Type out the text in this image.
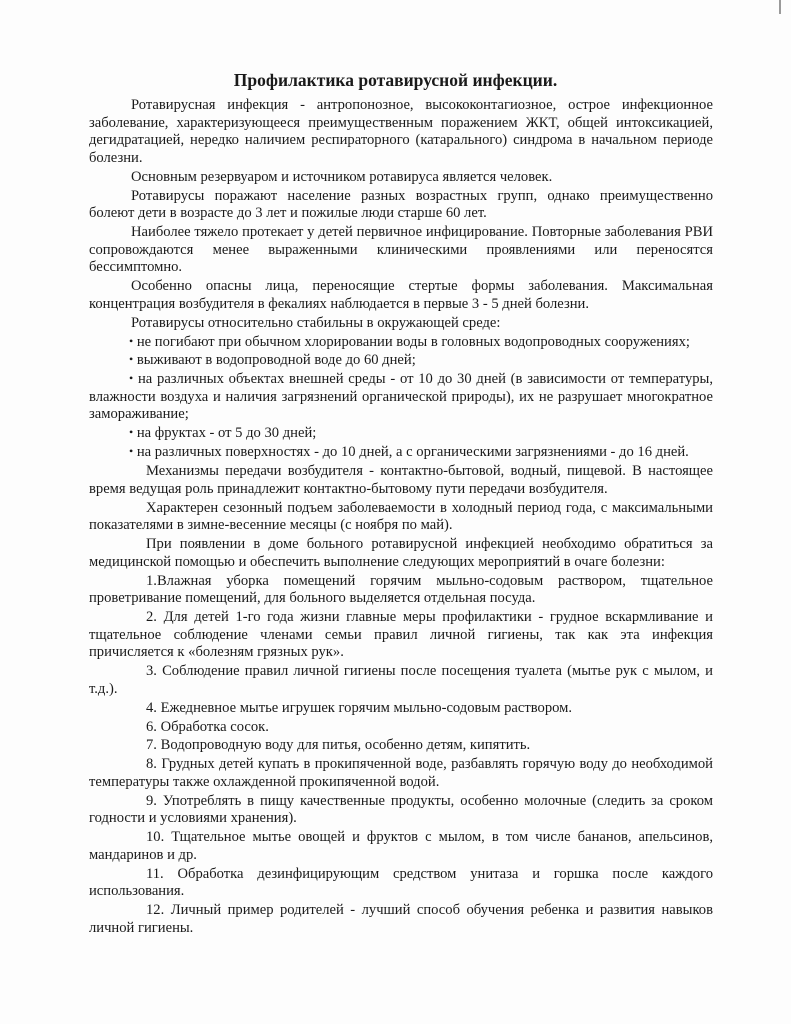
Профилактика ротавирусной инфекции.

Ротавирусная инфекция - антропонозное, высококонтагиозное, острое инфекционное заболевание, характеризующееся преимущественным поражением ЖКТ, общей интоксикацией, дегидратацией, нередко наличием респираторного (катарального) синдрома в начальном периоде болезни.

Основным резервуаром и источником ротавируса является человек.

Ротавирусы поражают население разных возрастных групп, однако преимущественно болеют дети в возрасте до 3 лет и пожилые люди старше 60 лет.

Наиболее тяжело протекает у детей первичное инфицирование. Повторные заболевания РВИ сопровождаются менее выраженными клиническими проявлениями или переносятся бессимптомно.

Особенно опасны лица, переносящие стертые формы заболевания. Максимальная концентрация возбудителя в фекалиях наблюдается в первые 3 - 5 дней болезни.

Ротавирусы относительно стабильны в окружающей среде:

• не погибают при обычном хлорировании воды в головных водопроводных сооружениях;

• выживают в водопроводной воде до 60 дней;

• на различных объектах внешней среды - от 10 до 30 дней (в зависимости от температуры, влажности воздуха и наличия загрязнений органической природы), их не разрушает многократное замораживание;

• на фруктах - от 5 до 30 дней;

• на различных поверхностях - до 10 дней, а с органическими загрязнениями - до 16 дней.

Механизмы передачи возбудителя - контактно-бытовой, водный, пищевой. В настоящее время ведущая роль принадлежит контактно-бытовому пути передачи возбудителя.

Характерен сезонный подъем заболеваемости в холодный период года, с максимальными показателями в зимне-весенние месяцы (с ноября по май).

При появлении в доме больного ротавирусной инфекцией необходимо обратиться за медицинской помощью и обеспечить выполнение следующих мероприятий в очаге болезни:

1.Влажная уборка помещений горячим мыльно-содовым раствором, тщательное проветривание помещений, для больного выделяется отдельная посуда.

2. Для детей 1-го года жизни главные меры профилактики - грудное вскармливание и тщательное соблюдение членами семьи правил личной гигиены, так как эта инфекция причисляется к «болезням грязных рук».

3. Соблюдение правил личной гигиены после посещения туалета (мытье рук с мылом, и т.д.).

4. Ежедневное мытье игрушек горячим мыльно-содовым раствором.

6. Обработка сосок.

7. Водопроводную воду для питья, особенно детям, кипятить.

8. Грудных детей купать в прокипяченной воде, разбавлять горячую воду до необходимой температуры также охлажденной прокипяченной водой.

9. Употреблять в пищу качественные продукты, особенно молочные (следить за сроком годности и условиями хранения).

10. Тщательное мытье овощей и фруктов с мылом, в том числе бананов, апельсинов, мандаринов и др.

11. Обработка дезинфицирующим средством унитаза и горшка после каждого использования.

12. Личный пример родителей - лучший способ обучения ребенка и развития навыков личной гигиены.
